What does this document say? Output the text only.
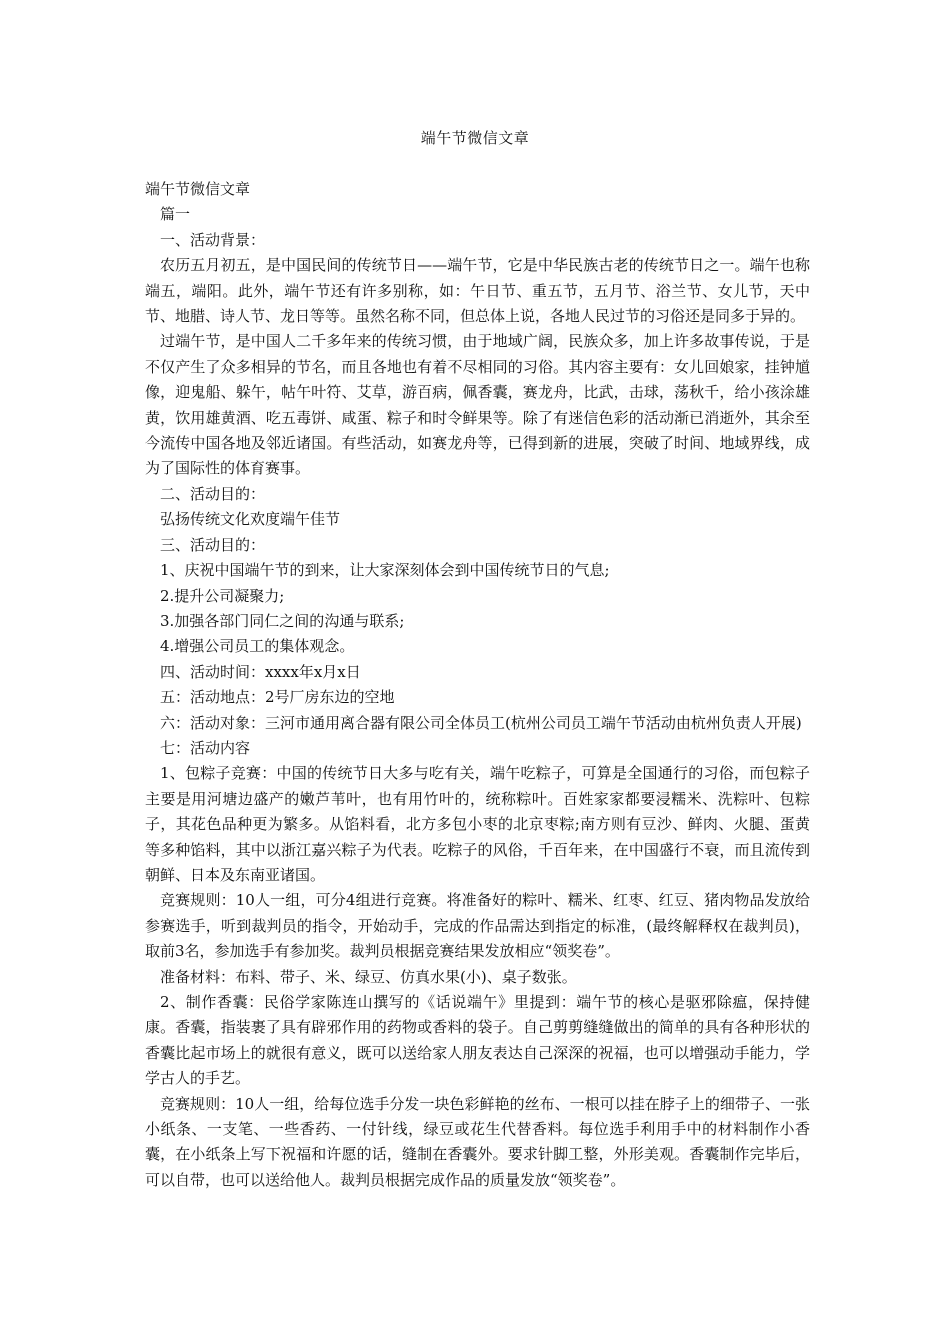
端午节微信文章

端午节微信文章

篇一

一、活动背景：

农历五月初五，是中国民间的传统节日——端午节，它是中华民族古老的传统节日之一。端午也称端五，端阳。此外，端午节还有许多别称，如：午日节、重五节，五月节、浴兰节、女儿节，天中节、地腊、诗人节、龙日等等。虽然名称不同，但总体上说，各地人民过节的习俗还是同多于异的。

过端午节，是中国人二千多年来的传统习惯，由于地域广阔，民族众多，加上许多故事传说，于是不仅产生了众多相异的节名，而且各地也有着不尽相同的习俗。其内容主要有：女儿回娘家，挂钟馗像，迎鬼船、躲午，帖午叶符、艾草，游百病，佩香囊，赛龙舟，比武，击球，荡秋千，给小孩涂雄黄，饮用雄黄酒、吃五毒饼、咸蛋、粽子和时令鲜果等。除了有迷信色彩的活动渐已消逝外，其余至今流传中国各地及邻近诸国。有些活动，如赛龙舟等，已得到新的进展，突破了时间、地域界线，成为了国际性的体育赛事。

二、活动目的：

弘扬传统文化欢度端午佳节

三、活动目的：

1、庆祝中国端午节的到来，让大家深刻体会到中国传统节日的气息;

2.提升公司凝聚力;

3.加强各部门同仁之间的沟通与联系;

4.增强公司员工的集体观念。

四、活动时间：xxxx年x月x日

五：活动地点：2号厂房东边的空地

六：活动对象：三河市通用离合器有限公司全体员工(杭州公司员工端午节活动由杭州负责人开展)

七：活动内容

1、包粽子竞赛：中国的传统节日大多与吃有关，端午吃粽子，可算是全国通行的习俗，而包粽子主要是用河塘边盛产的嫩芦苇叶，也有用竹叶的，统称粽叶。百姓家家都要浸糯米、洗粽叶、包粽子，其花色品种更为繁多。从馅料看，北方多包小枣的北京枣粽;南方则有豆沙、鲜肉、火腿、蛋黄等多种馅料，其中以浙江嘉兴粽子为代表。吃粽子的风俗，千百年来，在中国盛行不衰，而且流传到朝鲜、日本及东南亚诸国。

竞赛规则：10人一组，可分4组进行竞赛。将准备好的粽叶、糯米、红枣、红豆、猪肉物品发放给参赛选手，听到裁判员的指令，开始动手，完成的作品需达到指定的标准，(最终解释权在裁判员)，取前3名，参加选手有参加奖。裁判员根据竞赛结果发放相应“领奖卷”。

准备材料：布料、带子、米、绿豆、仿真水果(小)、桌子数张。

2、制作香囊：民俗学家陈连山撰写的《话说端午》里提到：端午节的核心是驱邪除瘟，保持健康。香囊，指装裹了具有辟邪作用的药物或香料的袋子。自己剪剪缝缝做出的简单的具有各种形状的香囊比起市场上的就很有意义，既可以送给家人朋友表达自己深深的祝福，也可以增强动手能力，学学古人的手艺。

竞赛规则：10人一组，给每位选手分发一块色彩鲜艳的丝布、一根可以挂在脖子上的细带子、一张小纸条、一支笔、一些香药、一付针线，绿豆或花生代替香料。每位选手利用手中的材料制作小香囊，在小纸条上写下祝福和许愿的话，缝制在香囊外。要求针脚工整，外形美观。香囊制作完毕后，可以自带，也可以送给他人。裁判员根据完成作品的质量发放“领奖卷”。
